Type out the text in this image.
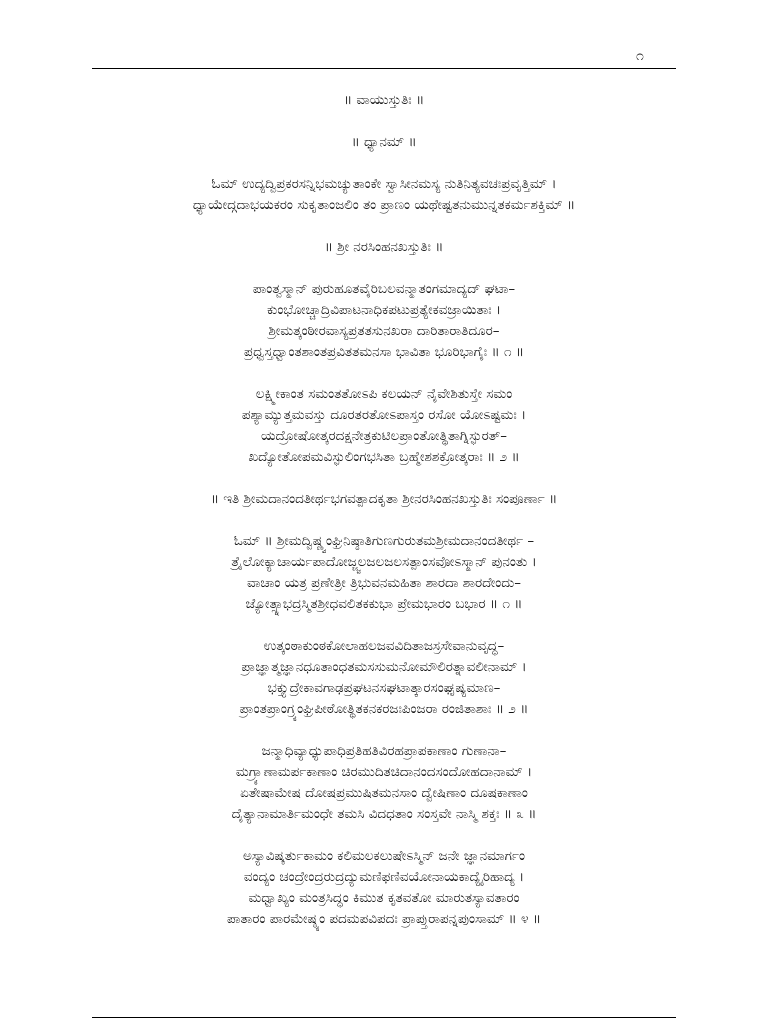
೧
॥ ವಾಯುಸ್ತುತಿಃ ॥
॥ ಧ್ಯಾನಮ್ ॥
ಓಮ್ ಉದ್ಯದ್ವಿಪ್ರಕರಸನ್ನಿಭಮಚ್ಯುತಾಂಕೇ ಸ್ವಾಸೀನಮಸ್ಯ ನುತಿನಿತ್ಯವಚಃಪ್ರವೃತ್ತಿಮ್ ।
ಧ್ಯಾಯೇದ್ಗದಾಭಯಕರಂ ಸುಕೃತಾಂಜಲಿಂ ತಂ ಪ್ರಾಣಂ ಯಥೇಷ್ಟತನುಮುನ್ನತಕರ್ಮಶಕ್ತಿಮ್ ॥
॥ ಶ್ರೀ ನರಸಿಂಹನಖಸ್ತುತಿಃ ॥
ಪಾಂತ್ವಸ್ಮಾನ್ ಪುರುಹೂತವೈರಿಬಲವನ್ಮಾತಂಗಮಾದ್ಯದ್ ಘಟಾ–
ಕುಂಭೋಚ್ಚಾದ್ರಿವಿಪಾಟನಾಧಿಕಪಟುಪ್ರತ್ಯೇಕವಜ್ರಾಯಿತಾಃ ।
ಶ್ರೀಮತ್ಕಂಠೀರವಾಸ್ಯಪ್ರತತಸುನಖರಾ ದಾರಿತಾರಾತಿದೂರ–
ಪ್ರಧ್ವಸ್ತಧ್ವಾಂತಶಾಂತಪ್ರವಿತತಮನಸಾ ಭಾವಿತಾ ಭೂರಿಭಾಗೈಃ ॥ ೧ ॥
ಲಕ್ಷ್ಮೀಕಾಂತ ಸಮಂತತೋಽಪಿ ಕಲಯನ್ ನೈವೇಶಿತುಸ್ತೇ ಸಮಂ
ಪಶ್ಯಾಮ್ಯುತ್ತಮವಸ್ತು ದೂರತರತೋಽಪಾಸ್ತಂ ರಸೋ ಯೋಽಷ್ಟಮಃ ।
ಯದ್ರೋಷೋತ್ಕರದಕ್ಷನೇತ್ರಕುಟಿಲಪ್ರಾಂತೋತ್ಥಿತಾಗ್ನಿಸ್ಫುರತ್–
ಖದ್ಯೋತೋಪಮವಿಸ್ಫುಲಿಂಗಭಸಿತಾ ಬ್ರಹ್ಮೇಶಶಕ್ರೋತ್ಕರಾಃ ॥ ೨ ॥
॥ ಇತಿ ಶ್ರೀಮದಾನಂದತೀರ್ಥಭಗವತ್ಪಾದಕೃತಾ ಶ್ರೀನರಸಿಂಹನಖಸ್ತುತಿಃ ಸಂಪೂರ್ಣಾ ॥
ಓಮ್ ॥ ಶ್ರೀಮದ್ವಿಷ್ಣ್ವಂಘ್ರಿನಿಷ್ಠಾತಿಗುಣಗುರುತಮಶ್ರೀಮದಾನಂದತೀರ್ಥ –
ತ್ರೈಲೋಕ್ಯಾಚಾರ್ಯಪಾದೋಜ್ಜ್ವಲಜಲಜಲಸತ್ಪಾಂಸವೋಽಸ್ಮಾನ್ ಪುನಂತು ।
ವಾಚಾಂ ಯತ್ರ ಪ್ರಣೇತ್ರೀ ತ್ರಿಭುವನಮಹಿತಾ ಶಾರದಾ ಶಾರದೇಂದು–
ಜ್ಯೋತ್ಸ್ನಾಭದ್ರಸ್ಮಿತಶ್ರೀಧವಲಿತಕಕುಭಾ ಪ್ರೇಮಭಾರಂ ಬಭಾರ ॥ ೧ ॥
ಉತ್ಕಂಠಾಕುಂಠಕೋಲಾಹಲಜವವಿದಿತಾಜಸ್ರಸೇವಾನುವೃದ್ಧ–
ಪ್ರಾಜ್ಞಾತ್ಮಜ್ಞಾನಧೂತಾಂಧತಮಸಸುಮನೋಮೌಲಿರತ್ನಾವಲೀನಾಮ್ ।
ಭಕ್ತ್ಯುದ್ರೇಕಾವಗಾಢಪ್ರಘಟನಸಘಟಾತ್ಕಾರಸಂಘೃಷ್ಯಮಾಣ–
ಪ್ರಾಂತಪ್ರಾಂಗ್ರ್ಯಂಘ್ರಿಪೀಠೋತ್ಥಿತಕನಕರಜಃಪಿಂಜರಾ ರಂಜಿತಾಶಾಃ ॥ ೨ ॥
ಜನ್ಮಾಧಿವ್ಯಾಧ್ಯುಪಾಧಿಪ್ರತಿಹತಿವಿರಹಪ್ರಾಪಕಾಣಾಂ ಗುಣಾನಾ–
ಮಗ್ರ್ಯಾಣಾಮರ್ಪಕಾಣಾಂ ಚಿರಮುದಿತಚಿದಾನಂದಸಂದೋಹದಾನಾಮ್ ।
ಏತೇಷಾಮೇಷ ದೋಷಪ್ರಮುಷಿತಮನಸಾಂ ದ್ವೇಷಿಣಾಂ ದೂಷಕಾಣಾಂ
ದೈತ್ಯಾನಾಮಾರ್ತಿಮಂಧೇ ತಮಸಿ ವಿದಧತಾಂ ಸಂಸ್ತವೇ ನಾಸ್ಮಿ ಶಕ್ತಃ ॥ ೩ ॥
ಅಸ್ಯಾವಿಷ್ಕರ್ತುಕಾಮಂ ಕಲಿಮಲಕಲುಷೇಽಸ್ಮಿನ್ ಜನೇ ಜ್ಞಾನಮಾರ್ಗಂ
ವಂದ್ಯಂ ಚಂದ್ರೇಂದ್ರರುದ್ರದ್ಯುಮಣಿಫಣಿವಯೋನಾಯಕಾದ್ಯೈರಿಹಾದ್ಯ ।
ಮಧ್ವಾಖ್ಯಂ ಮಂತ್ರಸಿದ್ಧಂ ಕಿಮುತ ಕೃತವತೋ ಮಾರುತಸ್ಯಾವತಾರಂ
ಪಾತಾರಂ ಪಾರಮೇಷ್ಠ್ಯಂ ಪದಮಪವಿಪದಃ ಪ್ರಾಪ್ತುರಾಪನ್ನಪುಂಸಾಮ್ ॥ ೪ ॥
